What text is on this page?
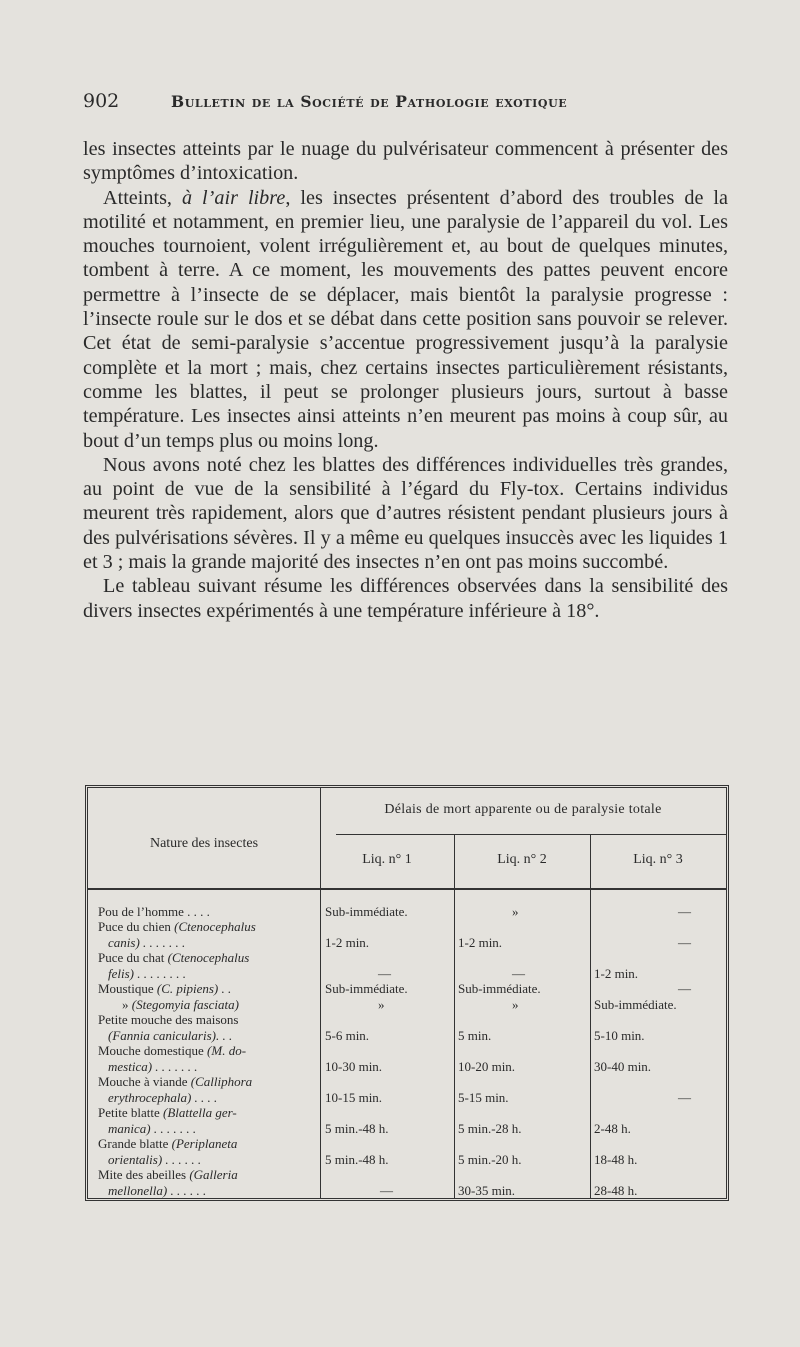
902	Bulletin de la Société de Pathologie exotique

les insectes atteints par le nuage du pulvérisateur commencent à présenter des symptômes d’intoxication.

Atteints, à l’air libre, les insectes présentent d’abord des troubles de la motilité et notamment, en premier lieu, une paralysie de l’appareil du vol. Les mouches tournoient, volent irrégulièrement et, au bout de quelques minutes, tombent à terre. A ce moment, les mouvements des pattes peuvent encore permettre à l’insecte de se déplacer, mais bientôt la paralysie progresse : l’insecte roule sur le dos et se débat dans cette position sans pouvoir se relever. Cet état de semi-paralysie s’accentue progressivement jusqu’à la paralysie complète et la mort ; mais, chez certains insectes particulièrement résistants, comme les blattes, il peut se prolonger plusieurs jours, surtout à basse température. Les insectes ainsi atteints n’en meurent pas moins à coup sûr, au bout d’un temps plus ou moins long.

Nous avons noté chez les blattes des différences individuelles très grandes, au point de vue de la sensibilité à l’égard du Fly-tox. Certains individus meurent très rapidement, alors que d’autres résistent pendant plusieurs jours à des pulvérisations sévères. Il y a même eu quelques insuccès avec les liquides 1 et 3 ; mais la grande majorité des insectes n’en ont pas moins succombé.

Le tableau suivant résume les différences observées dans la sensibilité des divers insectes expérimentés à une température inférieure à 18°.

Nature des insectes
Délais de mort apparente ou de paralysie totale
Liq. n° 1	Liq. n° 2	Liq. n° 3
Pou de l’homme . . . .	Sub-immédiate.	»	—
Puce du chien (Ctenocephalus
canis) . . . . . . .	1-2 min.	1-2 min.	—
Puce du chat (Ctenocephalus
felis) . . . . . . . .	—	—	1-2 min.
Moustique (C. pipiens) . .	Sub-immédiate.	Sub-immédiate.	—
» (Stegomyia fasciata)	»	»	Sub-immédiate.
Petite mouche des maisons
(Fannia canicularis). . .	5-6 min.	5 min.	5-10 min.
Mouche domestique (M. do-
mestica) . . . . . . .	10-30 min.	10-20 min.	30-40 min.
Mouche à viande (Calliphora
erythrocephala) . . . .	10-15 min.	5-15 min.	—
Petite blatte (Blattella ger-
manica) . . . . . . .	5 min.-48 h.	5 min.-28 h.	2-48 h.
Grande blatte (Periplaneta
orientalis) . . . . . .	5 min.-48 h.	5 min.-20 h.	18-48 h.
Mite des abeilles (Galleria
mellonella) . . . . . .	—	30-35 min.	28-48 h.
